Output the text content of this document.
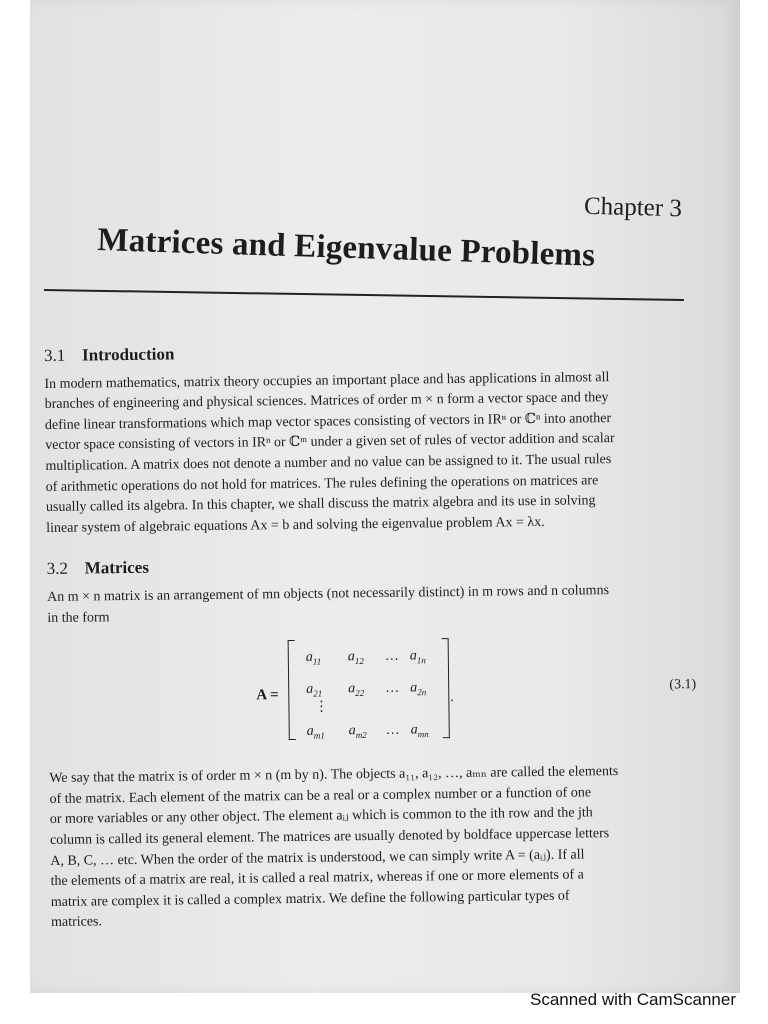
Chapter 3
Matrices and Eigenvalue Problems
3.1 Introduction
In modern mathematics, matrix theory occupies an important place and has applications in almost all
branches of engineering and physical sciences. Matrices of order m × n form a vector space and they
define linear transformations which map vector spaces consisting of vectors in IRⁿ or ℂⁿ into another
vector space consisting of vectors in IRⁿ or ℂᵐ under a given set of rules of vector addition and scalar
multiplication. A matrix does not denote a number and no value can be assigned to it. The usual rules
of arithmetic operations do not hold for matrices. The rules defining the operations on matrices are
usually called its algebra. In this chapter, we shall discuss the matrix algebra and its use in solving
linear system of algebraic equations Ax = b and solving the eigenvalue problem Ax = λx.
3.2 Matrices
An m × n matrix is an arrangement of mn objects (not necessarily distinct) in m rows and n columns
in the form
A =
$a_{11}$ $a_{12}$ … $a_{1n}$
$a_{21}$ $a_{22}$ … $a_{2n}$
⋮
$a_{m1}$ $a_{m2}$ … $a_{mn}$
.
(3.1)
We say that the matrix is of order m × n (m by n). The objects a₁₁, a₁₂, …, aₘₙ are called the elements
of the matrix. Each element of the matrix can be a real or a complex number or a function of one
or more variables or any other object. The element aᵢⱼ which is common to the ith row and the jth
column is called its general element. The matrices are usually denoted by boldface uppercase letters
A, B, C, … etc. When the order of the matrix is understood, we can simply write A = (aᵢⱼ). If all
the elements of a matrix are real, it is called a real matrix, whereas if one or more elements of a
matrix are complex it is called a complex matrix. We define the following particular types of
matrices.
Scanned with CamScanner
